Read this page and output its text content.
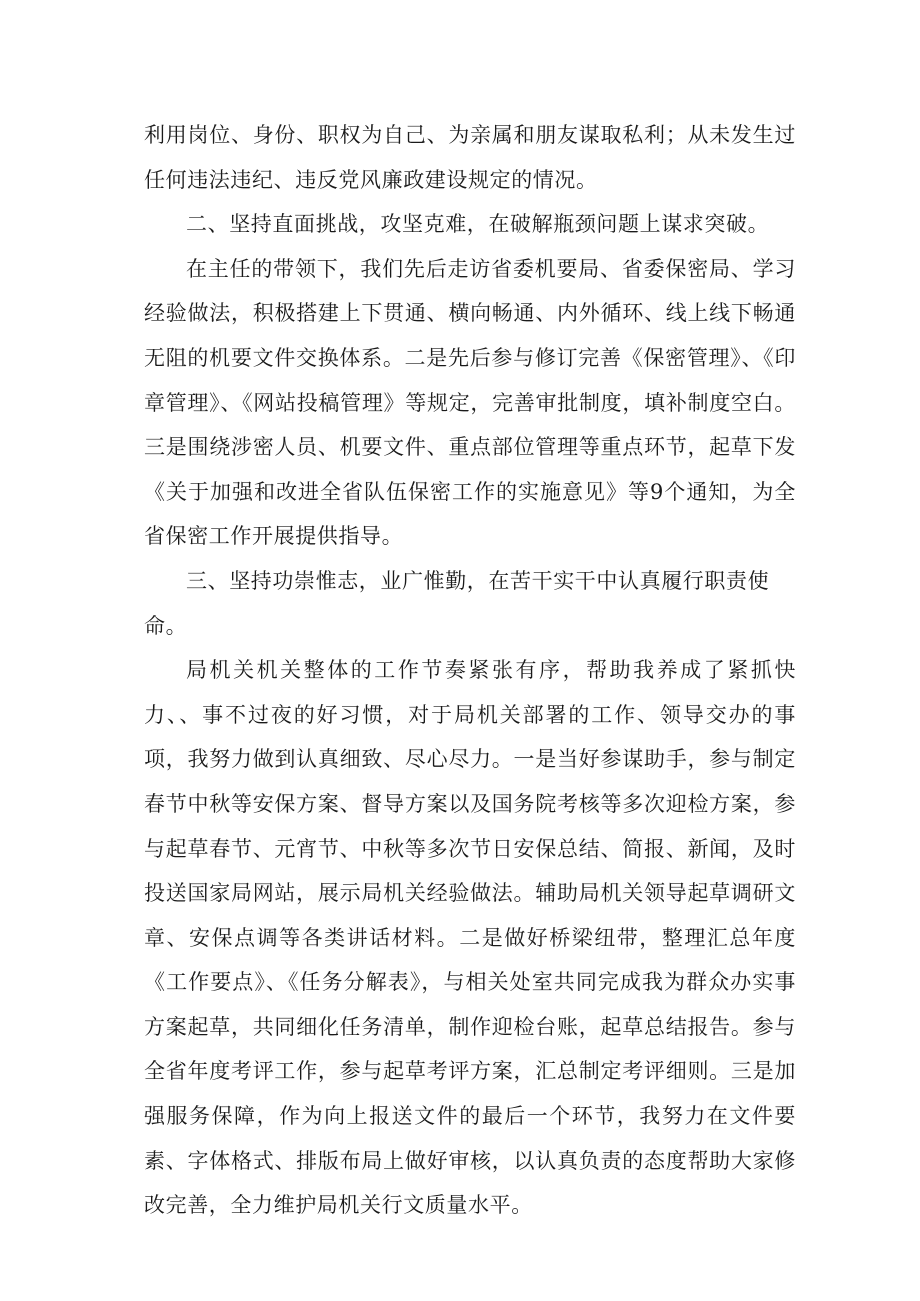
利用岗位、身份、职权为自己、为亲属和朋友谋取私利；从未发生过任何违法违纪、违反党风廉政建设规定的情况。

二、坚持直面挑战，攻坚克难，在破解瓶颈问题上谋求突破。

在主任的带领下，我们先后走访省委机要局、省委保密局、学习经验做法，积极搭建上下贯通、横向畅通、内外循环、线上线下畅通无阻的机要文件交换体系。二是先后参与修订完善《保密管理》、《印章管理》、《网站投稿管理》等规定，完善审批制度，填补制度空白。三是围绕涉密人员、机要文件、重点部位管理等重点环节，起草下发《关于加强和改进全省队伍保密工作的实施意见》等9个通知，为全省保密工作开展提供指导。

三、坚持功崇惟志，业广惟勤，在苦干实干中认真履行职责使命。

局机关机关整体的工作节奏紧张有序，帮助我养成了紧抓快力、、事不过夜的好习惯，对于局机关部署的工作、领导交办的事项，我努力做到认真细致、尽心尽力。一是当好参谋助手，参与制定春节中秋等安保方案、督导方案以及国务院考核等多次迎检方案，参与起草春节、元宵节、中秋等多次节日安保总结、简报、新闻，及时投送国家局网站，展示局机关经验做法。辅助局机关领导起草调研文章、安保点调等各类讲话材料。二是做好桥梁纽带，整理汇总年度《工作要点》、《任务分解表》，与相关处室共同完成我为群众办实事方案起草，共同细化任务清单，制作迎检台账，起草总结报告。参与全省年度考评工作，参与起草考评方案，汇总制定考评细则。三是加强服务保障，作为向上报送文件的最后一个环节，我努力在文件要素、字体格式、排版布局上做好审核，以认真负责的态度帮助大家修改完善，全力维护局机关行文质量水平。
